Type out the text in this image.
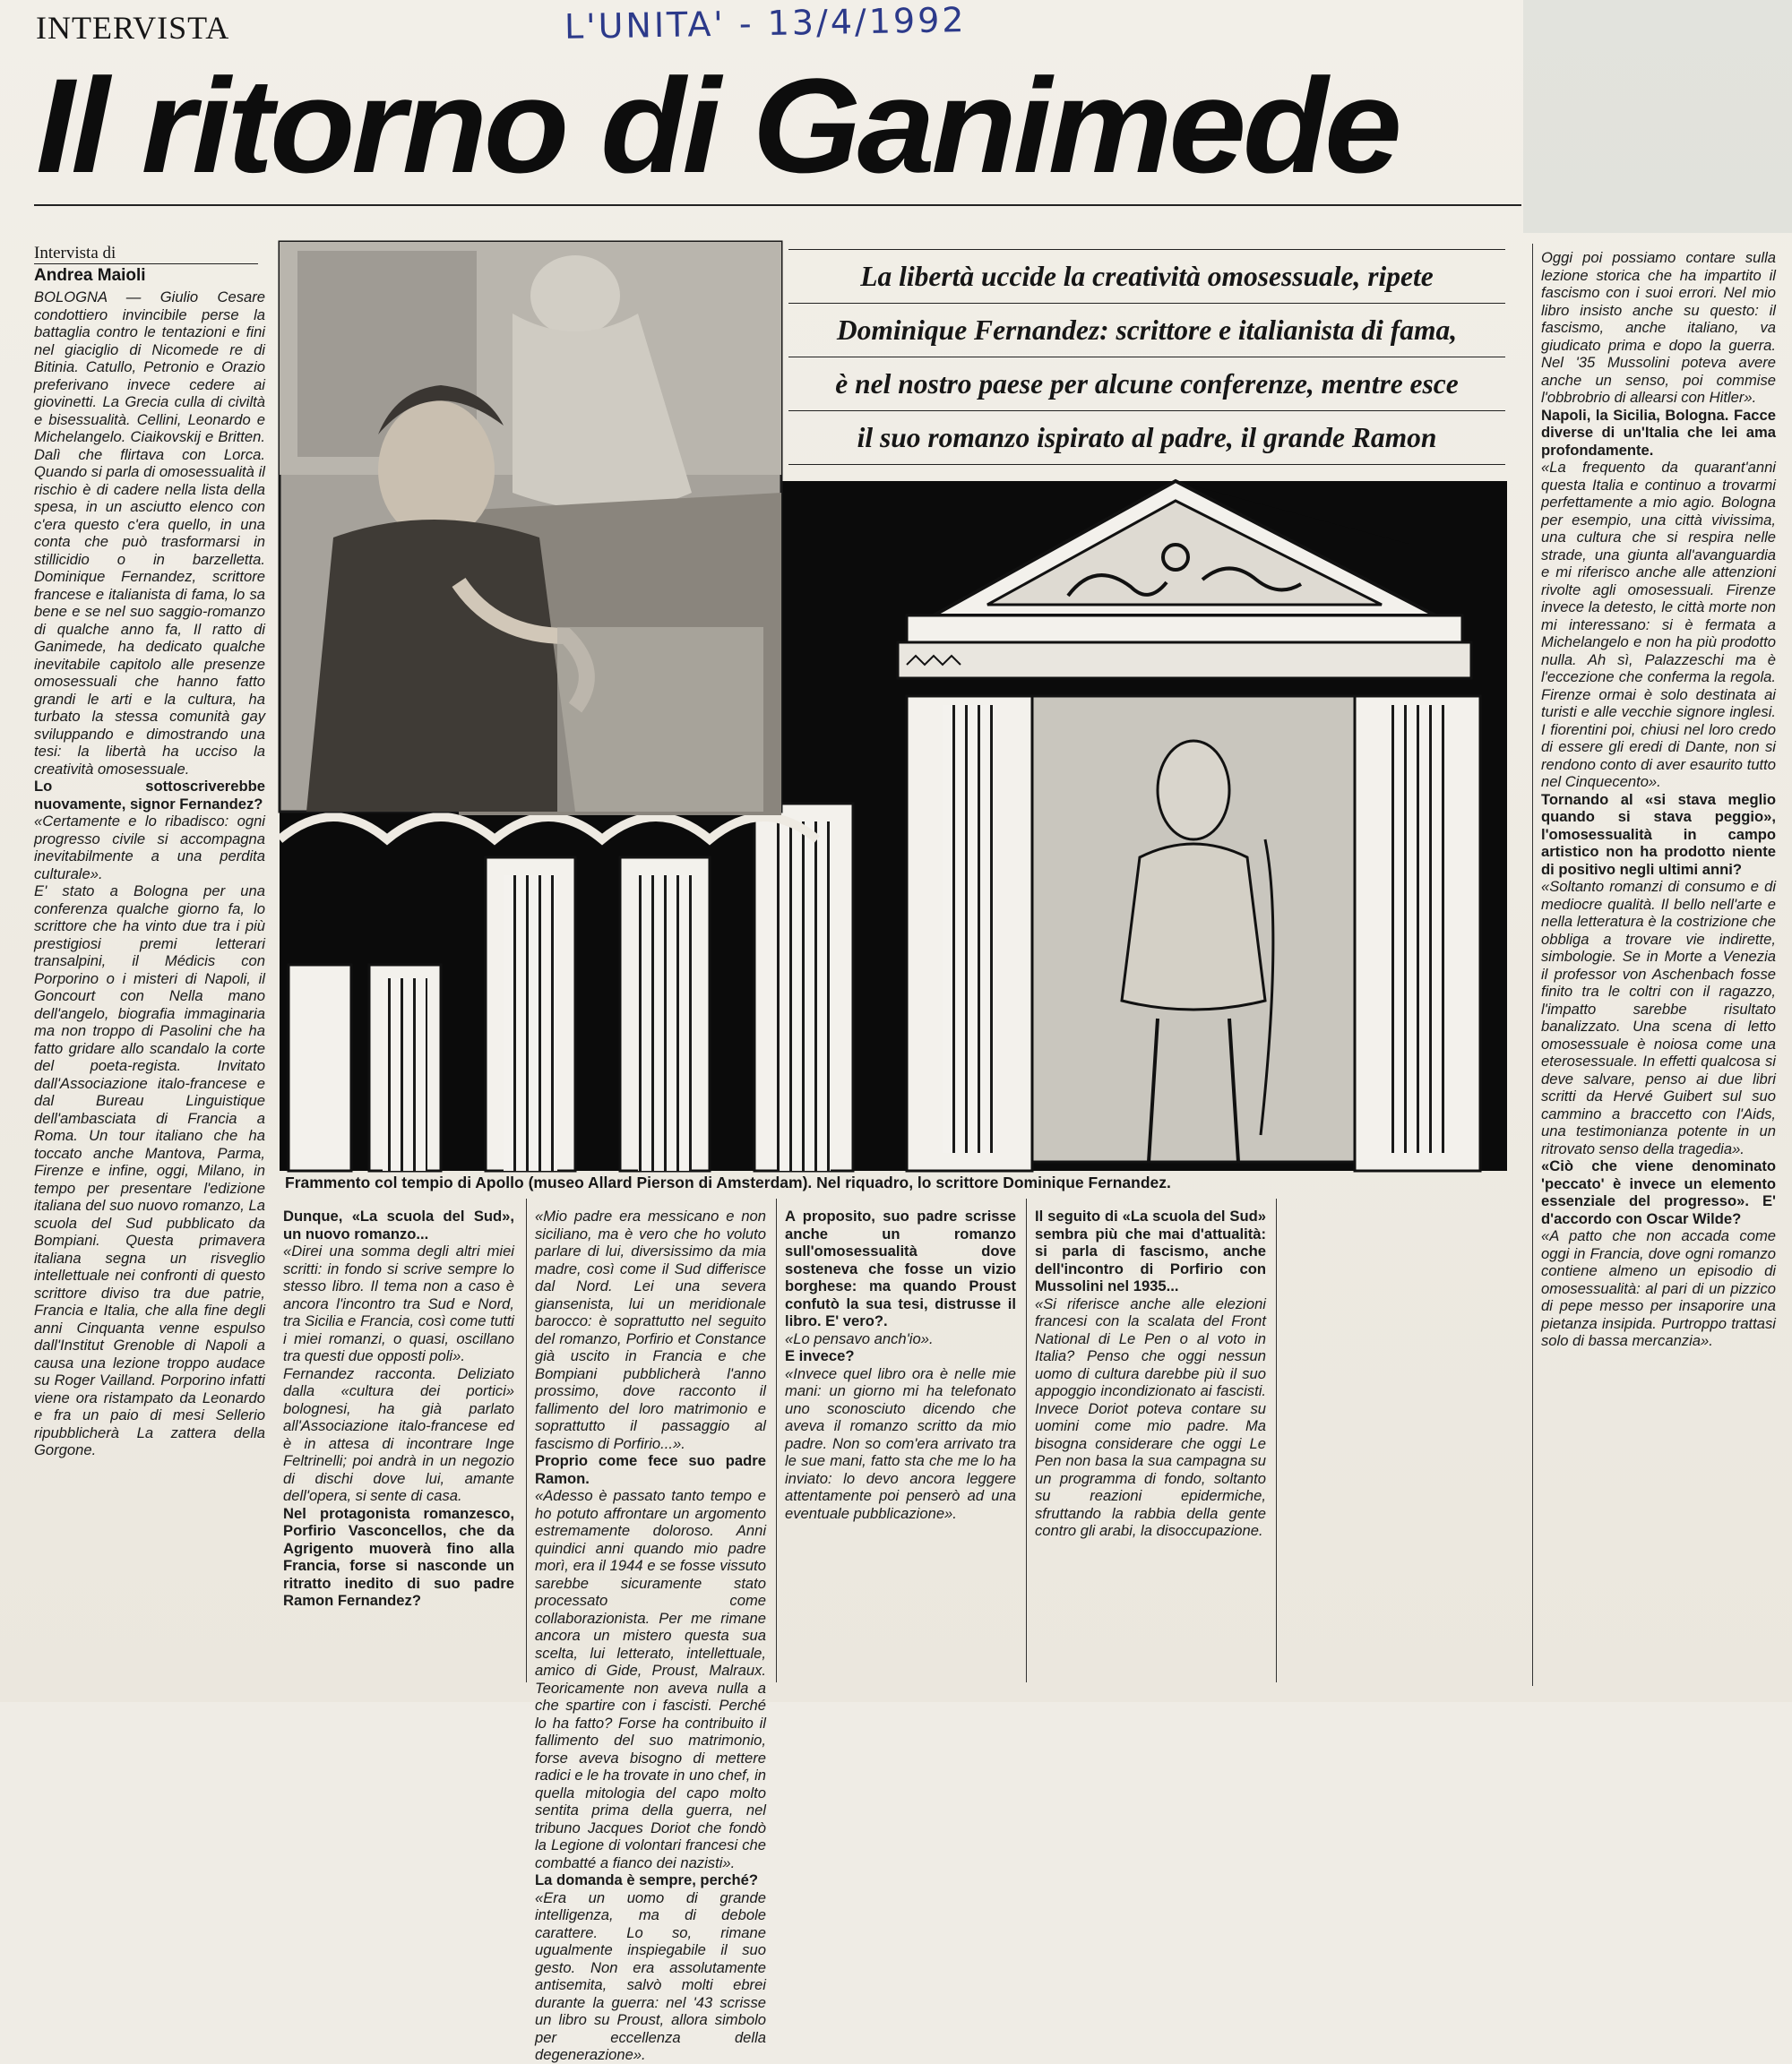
L'UNITA' - 13/4/1992
INTERVISTA
Il ritorno di Ganimede
Intervista di
Andrea Maioli	La libertà uccide la creatività omosessuale, ripete
Dominique Fernandez: scrittore e italianista di fama,
è nel nostro paese per alcune conferenze, mentre esce
il suo romanzo ispirato al padre, il grande Ramon
Frammento col tempio di Apollo (museo Allard Pierson di Amsterdam). Nel riquadro, lo scrittore Dominique Fernandez.

BOLOGNA — Giulio Cesare condottiero invincibile perse la battaglia contro le tentazioni e fini nel giaciglio di Nicomede re di Bitinia. Catullo, Petronio e Orazio preferivano invece cedere ai giovinetti. La Grecia culla di civiltà e bisessualità. Cellini, Leonardo e Michelangelo. Ciaikovskij e Britten. Dalì che flirtava con Lorca. Quando si parla di omosessualità il rischio è di cadere nella lista della spesa, in un asciutto elenco con c'era questo c'era quello, in una conta che può trasformarsi in stillicidio o in barzelletta. Dominique Fernandez, scrittore francese e italianista di fama, lo sa bene e se nel suo saggio-romanzo di qualche anno fa, Il ratto di Ganimede, ha dedicato qualche inevitabile capitolo alle presenze omosessuali che hanno fatto grandi le arti e la cultura, ha turbato la stessa comunità gay sviluppando e dimostrando una tesi: la libertà ha ucciso la creatività omosessuale.

Lo sottoscriverebbe nuovamente, signor Fernandez?

«Certamente e lo ribadisco: ogni progresso civile si accompagna inevitabilmente a una perdita culturale».

E' stato a Bologna per una conferenza qualche giorno fa, lo scrittore che ha vinto due tra i più prestigiosi premi letterari transalpini, il Médicis con Porporino o i misteri di Napoli, il Goncourt con Nella mano dell'angelo, biografia immaginaria ma non troppo di Pasolini che ha fatto gridare allo scandalo la corte del poeta-regista. Invitato dall'Associazione italo-francese e dal Bureau Linguistique dell'ambasciata di Francia a Roma. Un tour italiano che ha toccato anche Mantova, Parma, Firenze e infine, oggi, Milano, in tempo per presentare l'edizione italiana del suo nuovo romanzo, La scuola del Sud pubblicato da Bompiani. Questa primavera italiana segna un risveglio intellettuale nei confronti di questo scrittore diviso tra due patrie, Francia e Italia, che alla fine degli anni Cinquanta venne espulso dall'Institut Grenoble di Napoli a causa una lezione troppo audace su Roger Vailland. Porporino infatti viene ora ristampato da Leonardo e fra un paio di mesi Sellerio ripubblicherà La zattera della Gorgone.

Dunque, «La scuola del Sud», un nuovo romanzo...

«Direi una somma degli altri miei scritti: in fondo si scrive sempre lo stesso libro. Il tema non a caso è ancora l'incontro tra Sud e Nord, tra Sicilia e Francia, così come tutti i miei romanzi, o quasi, oscillano tra questi due opposti poli».

Fernandez racconta. Deliziato dalla «cultura dei portici» bolognesi, ha già parlato all'Associazione italo-francese ed è in attesa di incontrare Inge Feltrinelli; poi andrà in un negozio di dischi dove lui, amante dell'opera, si sente di casa.

Nel protagonista romanzesco, Porfirio Vasconcellos, che da Agrigento muoverà fino alla Francia, forse si nasconde un ritratto inedito di suo padre Ramon Fernandez?

«Mio padre era messicano e non siciliano, ma è vero che ho voluto parlare di lui, diversissimo da mia madre, così come il Sud differisce dal Nord. Lei una severa giansenista, lui un meridionale barocco: è soprattutto nel seguito del romanzo, Porfirio et Constance già uscito in Francia e che Bompiani pubblicherà l'anno prossimo, dove racconto il fallimento del loro matrimonio e soprattutto il passaggio al fascismo di Porfirio...».

Proprio come fece suo padre Ramon.

«Adesso è passato tanto tempo e ho potuto affrontare un argomento estremamente doloroso. Anni quindici anni quando mio padre morì, era il 1944 e se fosse vissuto sarebbe sicuramente stato processato come collaborazionista. Per me rimane ancora un mistero questa sua scelta, lui letterato, intellettuale, amico di Gide, Proust, Malraux. Teoricamente non aveva nulla a che spartire con i fascisti. Perché lo ha fatto? Forse ha contribuito il fallimento del suo matrimonio, forse aveva bisogno di mettere radici e le ha trovate in uno chef, in quella mitologia del capo molto sentita prima della guerra, nel tribuno Jacques Doriot che fondò la Legione di volontari francesi che combatté a fianco dei nazisti».

La domanda è sempre, perché?

«Era un uomo di grande intelligenza, ma di debole carattere. Lo so, rimane ugualmente inspiegabile il suo gesto. Non era assolutamente antisemita, salvò molti ebrei durante la guerra: nel '43 scrisse un libro su Proust, allora simbolo per eccellenza della degenerazione».

A proposito, suo padre scrisse anche un romanzo sull'omosessualità dove sosteneva che fosse un vizio borghese: ma quando Proust confutò la sua tesi, distrusse il libro. E' vero?.

«Lo pensavo anch'io».

E invece?

«Invece quel libro ora è nelle mie mani: un giorno mi ha telefonato uno sconosciuto dicendo che aveva il romanzo scritto da mio padre. Non so com'era arrivato tra le sue mani, fatto sta che me lo ha inviato: lo devo ancora leggere attentamente poi penserò ad una eventuale pubblicazione».

Il seguito di «La scuola del Sud» sembra più che mai d'attualità: si parla di fascismo, anche dell'incontro di Porfirio con Mussolini nel 1935...

«Si riferisce anche alle elezioni francesi con la scalata del Front National di Le Pen o al voto in Italia? Penso che oggi nessun uomo di cultura darebbe più il suo appoggio incondizionato ai fascisti. Invece Doriot poteva contare su uomini come mio padre. Ma bisogna considerare che oggi Le Pen non basa la sua campagna su un programma di fondo, soltanto su reazioni epidermiche, sfruttando la rabbia della gente contro gli arabi, la disoccupazione.

Oggi poi possiamo contare sulla lezione storica che ha impartito il fascismo con i suoi errori. Nel mio libro insisto anche su questo: il fascismo, anche italiano, va giudicato prima e dopo la guerra. Nel '35 Mussolini poteva avere anche un senso, poi commise l'obbrobrio di allearsi con Hitler».

Napoli, la Sicilia, Bologna. Facce diverse di un'Italia che lei ama profondamente.

«La frequento da quarant'anni questa Italia e continuo a trovarmi perfettamente a mio agio. Bologna per esempio, una città vivissima, una cultura che si respira nelle strade, una giunta all'avanguardia e mi riferisco anche alle attenzioni rivolte agli omosessuali. Firenze invece la detesto, le città morte non mi interessano: si è fermata a Michelangelo e non ha più prodotto nulla. Ah sì, Palazzeschi ma è l'eccezione che conferma la regola. Firenze ormai è solo destinata ai turisti e alle vecchie signore inglesi. I fiorentini poi, chiusi nel loro credo di essere gli eredi di Dante, non si rendono conto di aver esaurito tutto nel Cinquecento».

Tornando al «si stava meglio quando si stava peggio», l'omosessualità in campo artistico non ha prodotto niente di positivo negli ultimi anni?

«Soltanto romanzi di consumo e di mediocre qualità. Il bello nell'arte e nella letteratura è la costrizione che obbliga a trovare vie indirette, simbologie. Se in Morte a Venezia il professor von Aschenbach fosse finito tra le coltri con il ragazzo, l'impatto sarebbe risultato banalizzato. Una scena di letto omosessuale è noiosa come una eterosessuale. In effetti qualcosa si deve salvare, penso ai due libri scritti da Hervé Guibert sul suo cammino a braccetto con l'Aids, una testimonianza potente in un ritrovato senso della tragedia».

«Ciò che viene denominato 'peccato' è invece un elemento essenziale del progresso». E' d'accordo con Oscar Wilde?

«A patto che non accada come oggi in Francia, dove ogni romanzo contiene almeno un episodio di omosessualità: al pari di un pizzico di pepe messo per insaporire una pietanza insipida. Purtroppo trattasi solo di bassa mercanzia».
